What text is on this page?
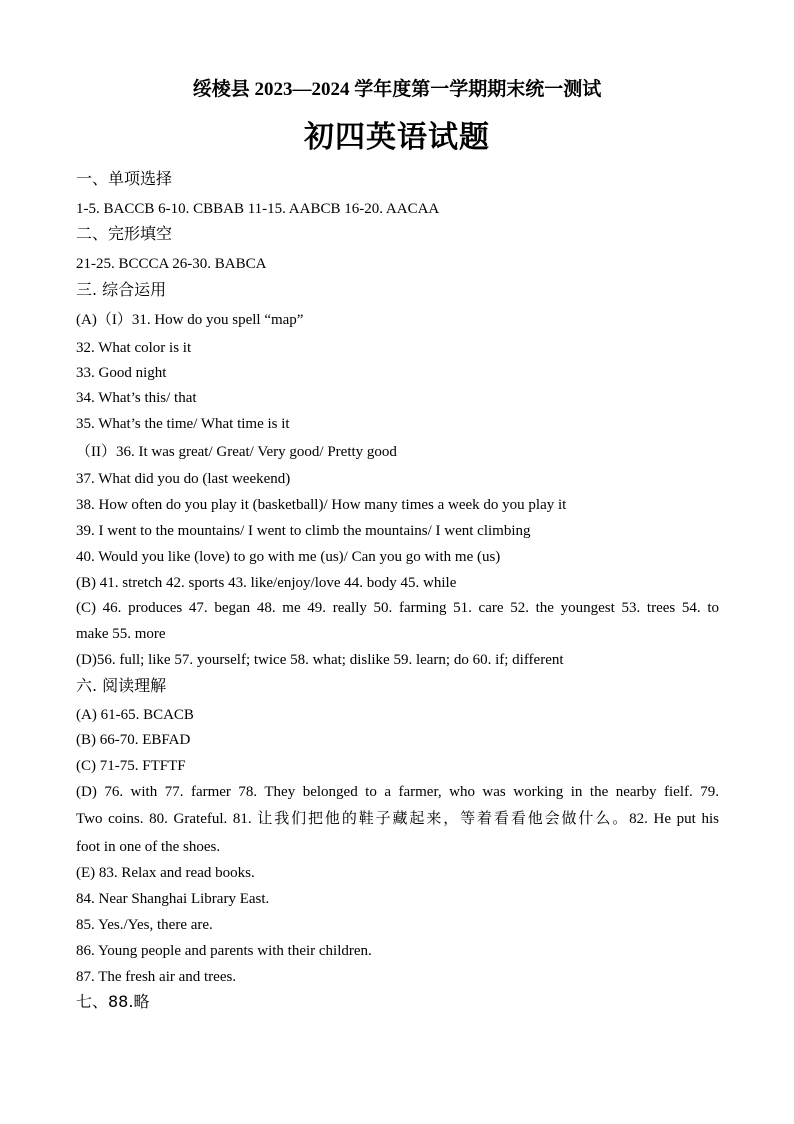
绥棱县 2023—2024 学年度第一学期期末统一测试
初四英语试题
一、单项选择
1-5. BACCB 6-10. CBBAB 11-15. AABCB 16-20. AACAA
二、完形填空
21-25. BCCCA 26-30. BABCA
三. 综合运用
(A)（I）31. How do you spell “map”
32. What color is it
33. Good night
34. What’s this/ that
35. What’s the time/ What time is it
（II）36. It was great/ Great/ Very good/ Pretty good
37. What did you do (last weekend)
38. How often do you play it (basketball)/ How many times a week do you play it
39. I went to the mountains/ I went to climb the mountains/ I went climbing
40. Would you like (love) to go with me (us)/ Can you go with me (us)
(B) 41. stretch 42. sports 43. like/enjoy/love 44. body 45. while
(C) 46. produces 47. began 48. me 49. really 50. farming 51. care 52. the youngest 53. trees 54. to
make 55. more
(D)56. full; like 57. yourself; twice 58. what; dislike 59. learn; do 60. if; different
六. 阅读理解
(A) 61-65. BCACB
(B) 66-70. EBFAD
(C) 71-75. FTFTF
(D) 76. with 77. farmer 78. They belonged to a farmer, who was working in the nearby fielf. 79.
Two coins. 80. Grateful. 81. 让我们把他的鞋子藏起来，等着看看他会做什么。82. He put his
foot in one of the shoes.
(E) 83. Relax and read books.
84. Near Shanghai Library East.
85. Yes./Yes, there are.
86. Young people and parents with their children.
87. The fresh air and trees.
七、88.略
